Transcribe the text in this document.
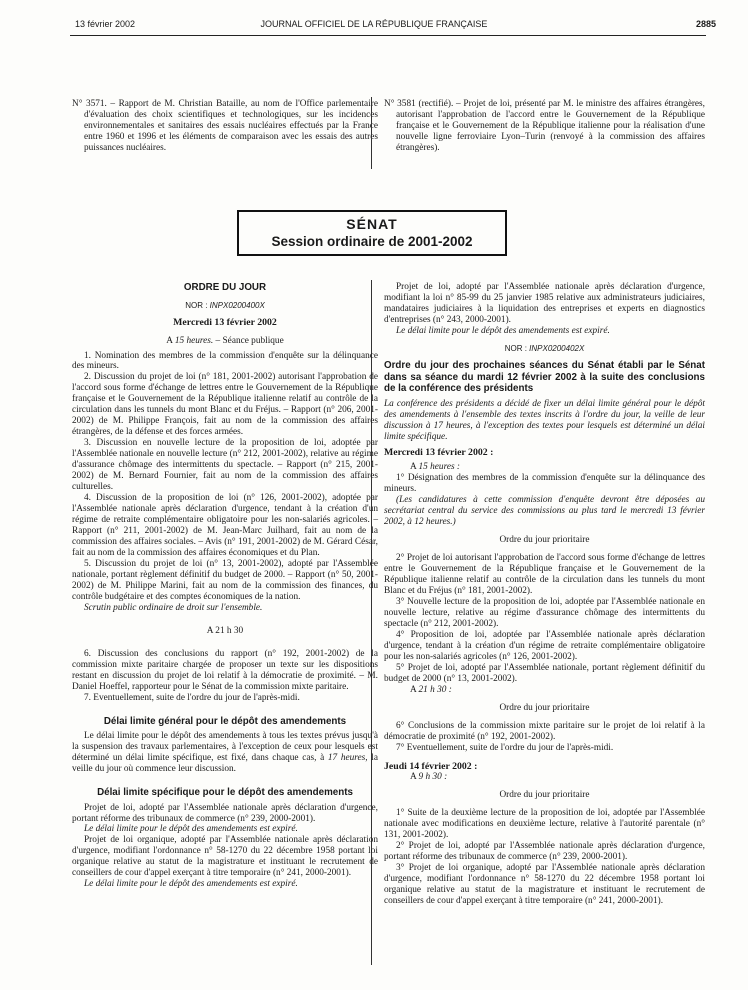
13 février 2002	JOURNAL OFFICIEL DE LA RÉPUBLIQUE FRANÇAISE	2885

N° 3571. – Rapport de M. Christian Bataille, au nom de l'Office parlementaire d'évaluation des choix scientifiques et technologiques, sur les incidences environnementales et sanitaires des essais nucléaires effectués par la France entre 1960 et 1996 et les éléments de comparaison avec les essais des autres puissances nucléaires.

N° 3581 (rectifié). – Projet de loi, présenté par M. le ministre des affaires étrangères, autorisant l'approbation de l'accord entre le Gouvernement de la République française et le Gouvernement de la République italienne pour la réalisation d'une nouvelle ligne ferroviaire Lyon–Turin (renvoyé à la commission des affaires étrangères).

SÉNAT
Session ordinaire de 2001-2002

ORDRE DU JOUR

NOR : INPX0200400X

Mercredi 13 février 2002

A 15 heures. – Séance publique

1. Nomination des membres de la commission d'enquête sur la délinquance des mineurs.

2. Discussion du projet de loi (n° 181, 2001-2002) autorisant l'approbation de l'accord sous forme d'échange de lettres entre le Gouvernement de la République française et le Gouvernement de la République italienne relatif au contrôle de la circulation dans les tunnels du mont Blanc et du Fréjus. – Rapport (n° 206, 2001-2002) de M. Philippe François, fait au nom de la commission des affaires étrangères, de la défense et des forces armées.

3. Discussion en nouvelle lecture de la proposition de loi, adoptée par l'Assemblée nationale en nouvelle lecture (n° 212, 2001-2002), relative au régime d'assurance chômage des intermittents du spectacle. – Rapport (n° 215, 2001-2002) de M. Bernard Fournier, fait au nom de la commission des affaires culturelles.

4. Discussion de la proposition de loi (n° 126, 2001-2002), adoptée par l'Assemblée nationale après déclaration d'urgence, tendant à la création d'un régime de retraite complémentaire obligatoire pour les non-salariés agricoles. – Rapport (n° 211, 2001-2002) de M. Jean-Marc Juilhard, fait au nom de la commission des affaires sociales. – Avis (n° 191, 2001-2002) de M. Gérard César, fait au nom de la commission des affaires économiques et du Plan.

5. Discussion du projet de loi (n° 13, 2001-2002), adopté par l'Assemblée nationale, portant règlement définitif du budget de 2000. – Rapport (n° 50, 2001-2002) de M. Philippe Marini, fait au nom de la commission des finances, du contrôle budgétaire et des comptes économiques de la nation.

Scrutin public ordinaire de droit sur l'ensemble.

A 21 h 30

6. Discussion des conclusions du rapport (n° 192, 2001-2002) de la commission mixte paritaire chargée de proposer un texte sur les dispositions restant en discussion du projet de loi relatif à la démocratie de proximité. – M. Daniel Hoeffel, rapporteur pour le Sénat de la commission mixte paritaire.

7. Eventuellement, suite de l'ordre du jour de l'après-midi.

Délai limite général pour le dépôt des amendements

Le délai limite pour le dépôt des amendements à tous les textes prévus jusqu'à la suspension des travaux parlementaires, à l'exception de ceux pour lesquels est déterminé un délai limite spécifique, est fixé, dans chaque cas, à 17 heures, la veille du jour où commence leur discussion.

Délai limite spécifique pour le dépôt des amendements

Projet de loi, adopté par l'Assemblée nationale après déclaration d'urgence, portant réforme des tribunaux de commerce (n° 239, 2000-2001).

Le délai limite pour le dépôt des amendements est expiré.

Projet de loi organique, adopté par l'Assemblée nationale après déclaration d'urgence, modifiant l'ordonnance n° 58-1270 du 22 décembre 1958 portant loi organique relative au statut de la magistrature et instituant le recrutement de conseillers de cour d'appel exerçant à titre temporaire (n° 241, 2000-2001).

Le délai limite pour le dépôt des amendements est expiré.

Projet de loi, adopté par l'Assemblée nationale après déclaration d'urgence, modifiant la loi n° 85-99 du 25 janvier 1985 relative aux administrateurs judiciaires, mandataires judiciaires à la liquidation des entreprises et experts en diagnostics d'entreprises (n° 243, 2000-2001).

Le délai limite pour le dépôt des amendements est expiré.

NOR : INPX0200402X

Ordre du jour des prochaines séances du Sénat établi par le Sénat dans sa séance du mardi 12 février 2002 à la suite des conclusions de la conférence des présidents

La conférence des présidents a décidé de fixer un délai limite général pour le dépôt des amendements à l'ensemble des textes inscrits à l'ordre du jour, la veille de leur discussion à 17 heures, à l'exception des textes pour lesquels est déterminé un délai limite spécifique.

Mercredi 13 février 2002 :

A 15 heures :

1° Désignation des membres de la commission d'enquête sur la délinquance des mineurs.

(Les candidatures à cette commission d'enquête devront être déposées au secrétariat central du service des commissions au plus tard le mercredi 13 février 2002, à 12 heures.)

Ordre du jour prioritaire

2° Projet de loi autorisant l'approbation de l'accord sous forme d'échange de lettres entre le Gouvernement de la République française et le Gouvernement de la République italienne relatif au contrôle de la circulation dans les tunnels du mont Blanc et du Fréjus (n° 181, 2001-2002).

3° Nouvelle lecture de la proposition de loi, adoptée par l'Assemblée nationale en nouvelle lecture, relative au régime d'assurance chômage des intermittents du spectacle (n° 212, 2001-2002).

4° Proposition de loi, adoptée par l'Assemblée nationale après déclaration d'urgence, tendant à la création d'un régime de retraite complémentaire obligatoire pour les non-salariés agricoles (n° 126, 2001-2002).

5° Projet de loi, adopté par l'Assemblée nationale, portant règlement définitif du budget de 2000 (n° 13, 2001-2002).

A 21 h 30 :

Ordre du jour prioritaire

6° Conclusions de la commission mixte paritaire sur le projet de loi relatif à la démocratie de proximité (n° 192, 2001-2002).

7° Eventuellement, suite de l'ordre du jour de l'après-midi.

Jeudi 14 février 2002 :

A 9 h 30 :

Ordre du jour prioritaire

1° Suite de la deuxième lecture de la proposition de loi, adoptée par l'Assemblée nationale avec modifications en deuxième lecture, relative à l'autorité parentale (n° 131, 2001-2002).

2° Projet de loi, adopté par l'Assemblée nationale après déclaration d'urgence, portant réforme des tribunaux de commerce (n° 239, 2000-2001).

3° Projet de loi organique, adopté par l'Assemblée nationale après déclaration d'urgence, modifiant l'ordonnance n° 58-1270 du 22 décembre 1958 portant loi organique relative au statut de la magistrature et instituant le recrutement de conseillers de cour d'appel exerçant à titre temporaire (n° 241, 2000-2001).
